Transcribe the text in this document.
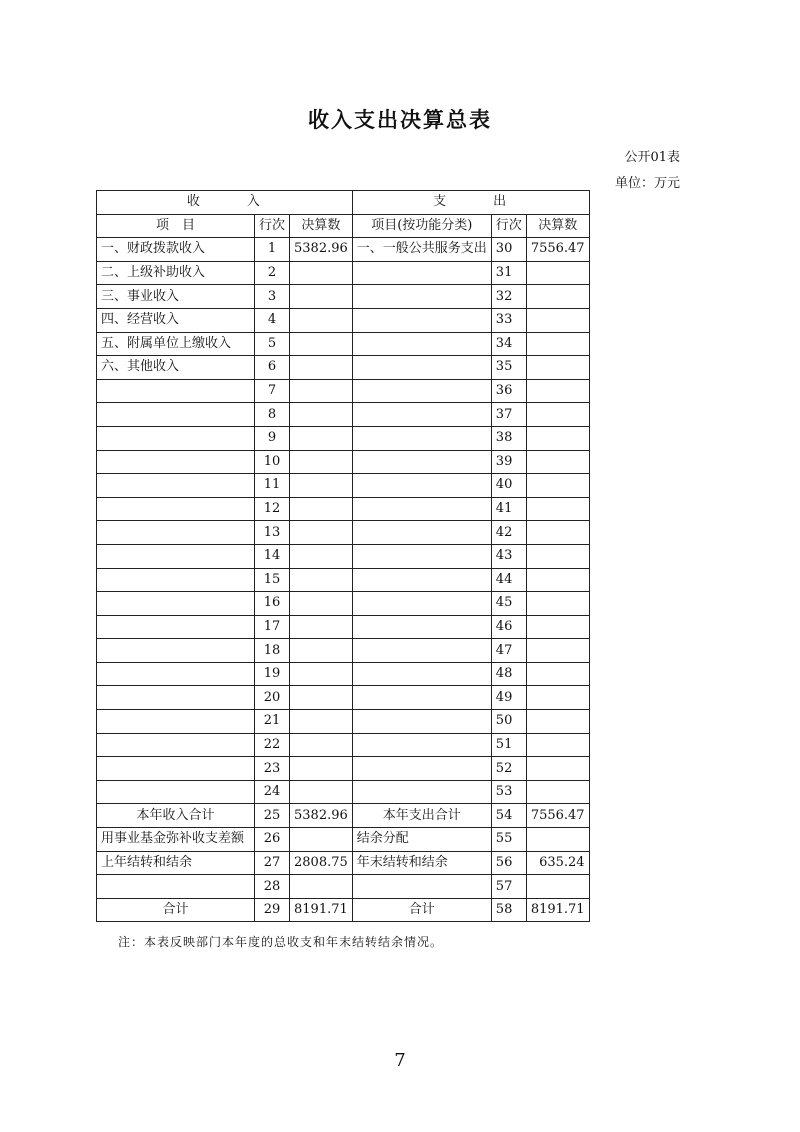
收入支出决算总表
公开01表
单位：万元
收　　　入			支　　　出		
项　目	行次	决算数	项目(按功能分类)	行次	决算数
一、财政拨款收入	1	5382.96	一、一般公共服务支出	30	7556.47
二、上级补助收入	2			31	
三、事业收入	3			32	
四、经营收入	4			33	
五、附属单位上缴收入	5			34	
六、其他收入	6			35	
	7			36	
	8			37	
	9			38	
	10			39	
	11			40	
	12			41	
	13			42	
	14			43	
	15			44	
	16			45	
	17			46	
	18			47	
	19			48	
	20			49	
	21			50	
	22			51	
	23			52	
	24			53	
本年收入合计	25	5382.96	本年支出合计	54	7556.47
用事业基金弥补收支差额	26		结余分配	55	
上年结转和结余	27	2808.75	年末结转和结余	56	635.24
	28			57	
合计	29	8191.71	合计	58	8191.71
注：本表反映部门本年度的总收支和年末结转结余情况。
7
